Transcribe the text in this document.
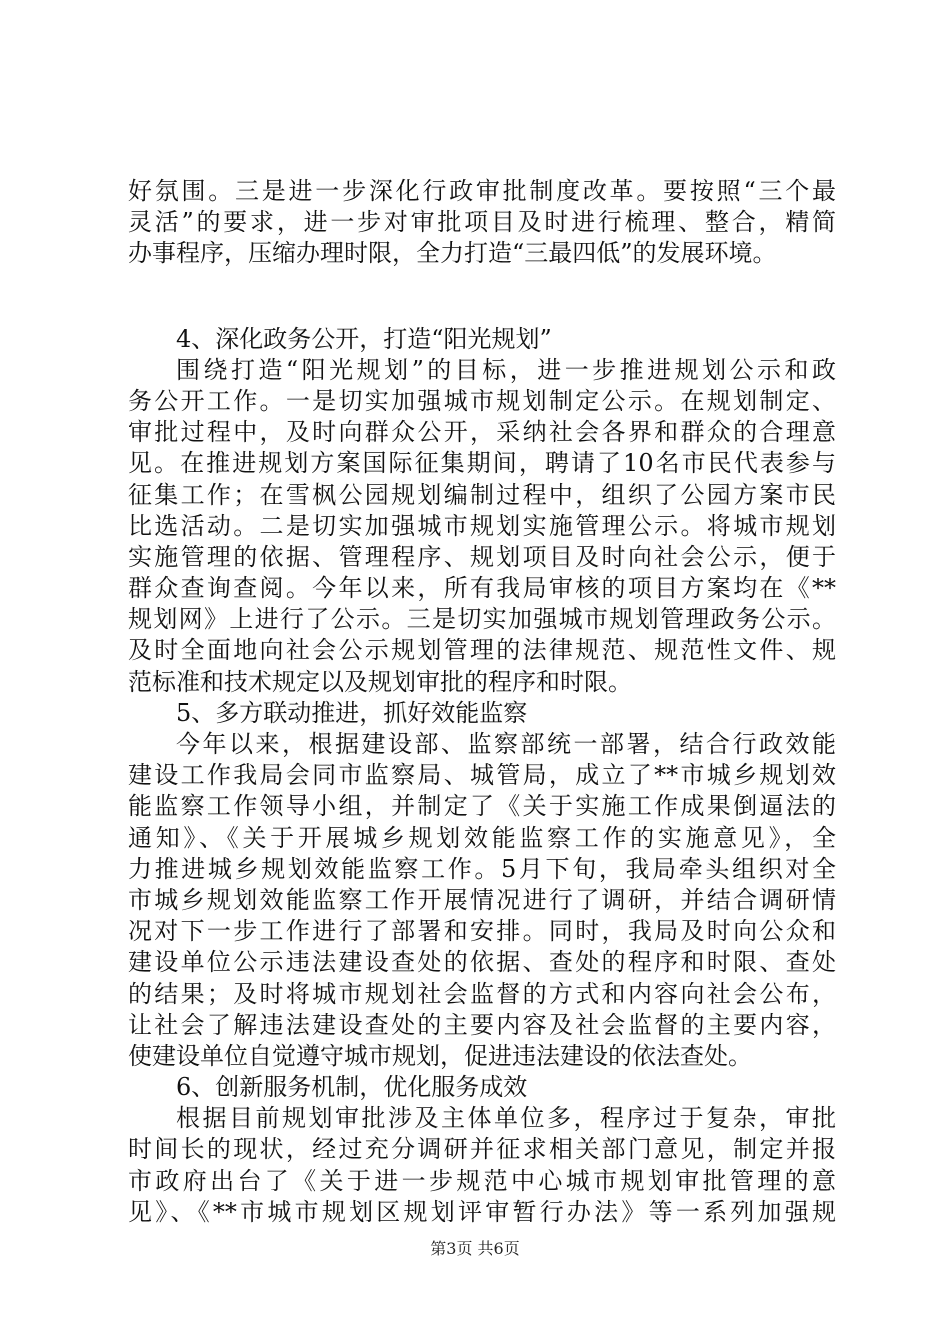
好氛围。三是进一步深化行政审批制度改革。要按照“三个最
灵活”的要求，进一步对审批项目及时进行梳理、整合，精简
办事程序，压缩办理时限，全力打造“三最四低”的发展环境。
4、深化政务公开，打造“阳光规划”
围绕打造“阳光规划”的目标，进一步推进规划公示和政
务公开工作。一是切实加强城市规划制定公示。在规划制定、
审批过程中，及时向群众公开，采纳社会各界和群众的合理意
见。在推进规划方案国际征集期间，聘请了10名市民代表参与
征集工作；在雪枫公园规划编制过程中，组织了公园方案市民
比选活动。二是切实加强城市规划实施管理公示。将城市规划
实施管理的依据、管理程序、规划项目及时向社会公示，便于
群众查询查阅。今年以来，所有我局审核的项目方案均在《**
规划网》上进行了公示。三是切实加强城市规划管理政务公示。
及时全面地向社会公示规划管理的法律规范、规范性文件、规
范标准和技术规定以及规划审批的程序和时限。
5、多方联动推进，抓好效能监察
今年以来，根据建设部、监察部统一部署，结合行政效能
建设工作我局会同市监察局、城管局，成立了**市城乡规划效
能监察工作领导小组，并制定了《关于实施工作成果倒逼法的
通知》、《关于开展城乡规划效能监察工作的实施意见》，全
力推进城乡规划效能监察工作。5月下旬，我局牵头组织对全
市城乡规划效能监察工作开展情况进行了调研，并结合调研情
况对下一步工作进行了部署和安排。同时，我局及时向公众和
建设单位公示违法建设查处的依据、查处的程序和时限、查处
的结果；及时将城市规划社会监督的方式和内容向社会公布，
让社会了解违法建设查处的主要内容及社会监督的主要内容，
使建设单位自觉遵守城市规划，促进违法建设的依法查处。
6、创新服务机制，优化服务成效
根据目前规划审批涉及主体单位多，程序过于复杂，审批
时间长的现状，经过充分调研并征求相关部门意见，制定并报
市政府出台了《关于进一步规范中心城市规划审批管理的意
见》、《**市城市规划区规划评审暂行办法》等一系列加强规
第3页 共6页
